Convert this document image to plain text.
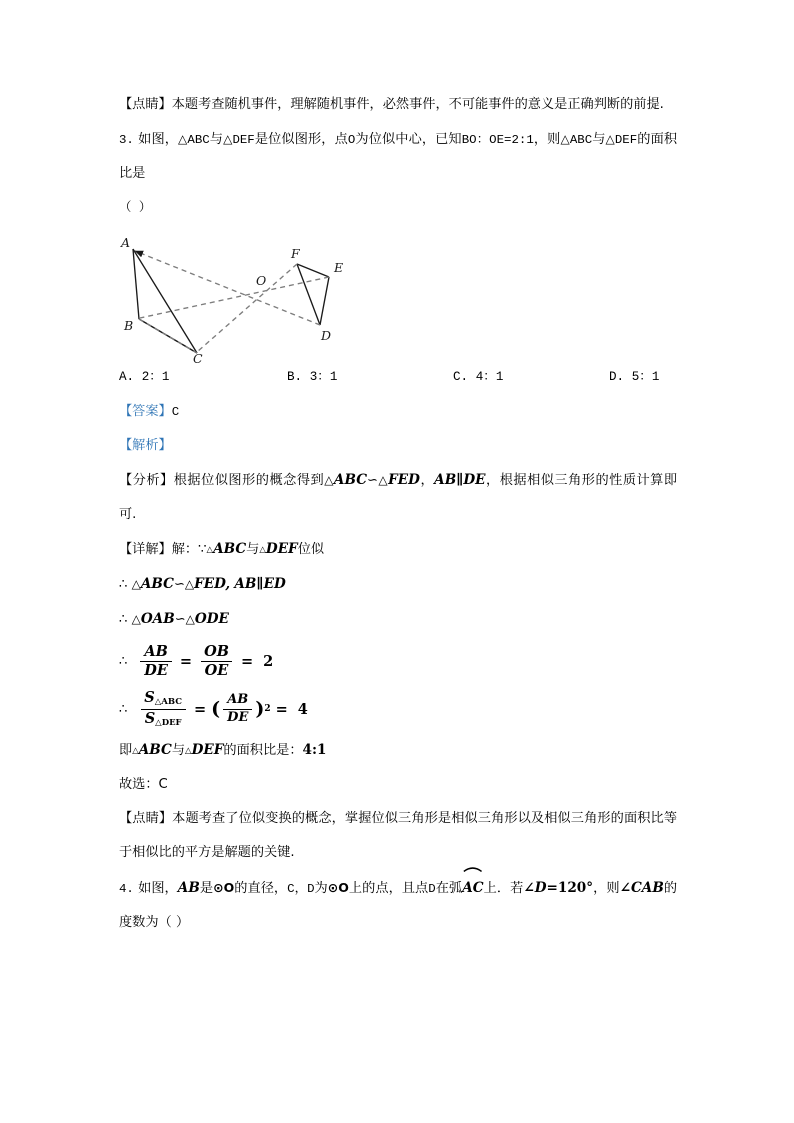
【点睛】本题考查随机事件，理解随机事件，必然事件，不可能事件的意义是正确判断的前提.
3. 如图，△ABC与△DEF是位似图形，点O为位似中心，已知BO：OE=2:1，则△ABC与△DEF的面积比是
（ ）
A
B
C
O
D
E
F
A. 2：1	B. 3：1	C. 4：1	D. 5：1
【答案】C
【解析】
【分析】根据位似图形的概念得到△ABC∽△FED，AB∥DE，根据相似三角形的性质计算即可.
【详解】解：∵△ABC与△DEF位似
∴ △ABC∽△FED, AB∥ED
∴ △OAB∽△ODE
∴ $\frac{AB}{DE} = \frac{OB}{OE} = 2$
∴ $\frac{S_{\triangle ABC}}{S_{\triangle DEF}}$ = ( $\frac{AB}{DE}$ ) 2 = 4
即△ABC与△DEF的面积比是：4:1
故选：C
【点睛】本题考查了位似变换的概念，掌握位似三角形是相似三角形以及相似三角形的面积比等于相似比的平方是解题的关键.
4. 如图，AB是⊙O的直径，C，D为⊙O上的点，且点D在弧
AC上．若∠D=120°，则∠CAB的度数为（ ）
